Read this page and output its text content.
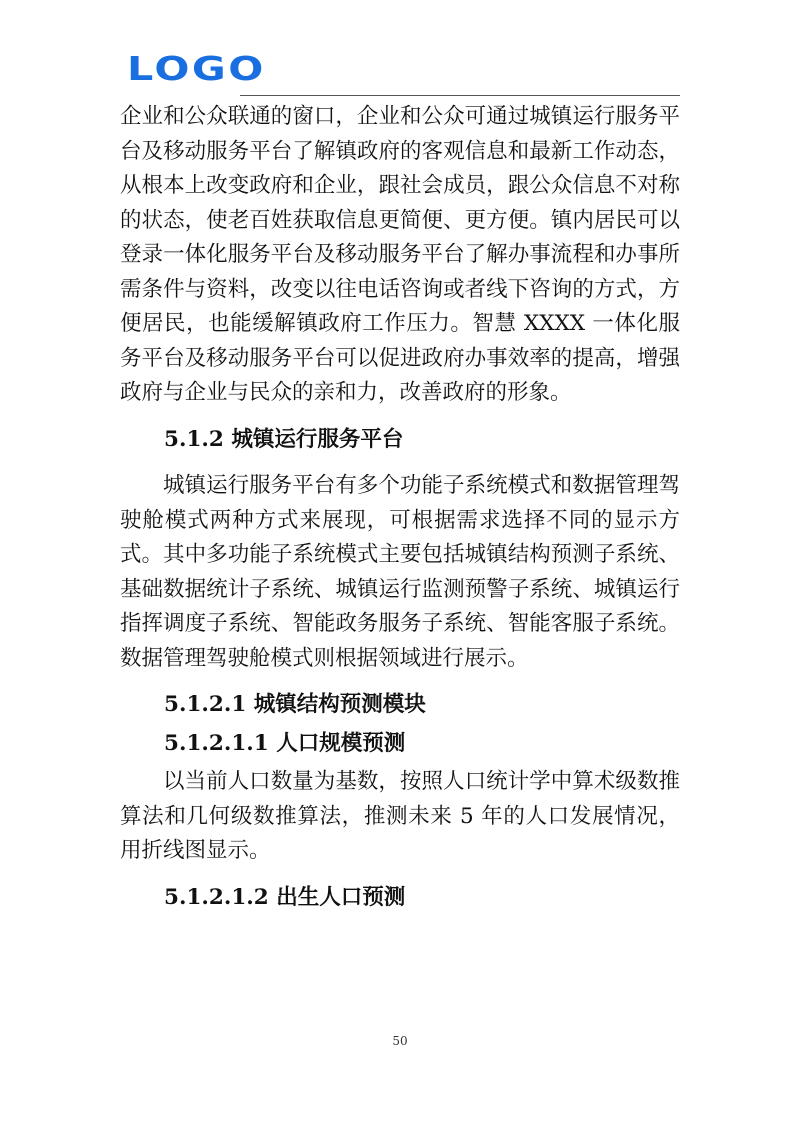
LOGO

企业和公众联通的窗口，企业和公众可通过城镇运行服务平台及移动服务平台了解镇政府的客观信息和最新工作动态，从根本上改变政府和企业，跟社会成员，跟公众信息不对称的状态，使老百姓获取信息更简便、更方便。镇内居民可以登录一体化服务平台及移动服务平台了解办事流程和办事所需条件与资料，改变以往电话咨询或者线下咨询的方式，方便居民，也能缓解镇政府工作压力。智慧 XXXX 一体化服务平台及移动服务平台可以促进政府办事效率的提高，增强政府与企业与民众的亲和力，改善政府的形象。

5.1.2 城镇运行服务平台

城镇运行服务平台有多个功能子系统模式和数据管理驾驶舱模式两种方式来展现，可根据需求选择不同的显示方式。其中多功能子系统模式主要包括城镇结构预测子系统、基础数据统计子系统、城镇运行监测预警子系统、城镇运行指挥调度子系统、智能政务服务子系统、智能客服子系统。数据管理驾驶舱模式则根据领域进行展示。

5.1.2.1 城镇结构预测模块

5.1.2.1.1 人口规模预测

以当前人口数量为基数，按照人口统计学中算术级数推算法和几何级数推算法，推测未来 5 年的人口发展情况，用折线图显示。

5.1.2.1.2 出生人口预测

50
